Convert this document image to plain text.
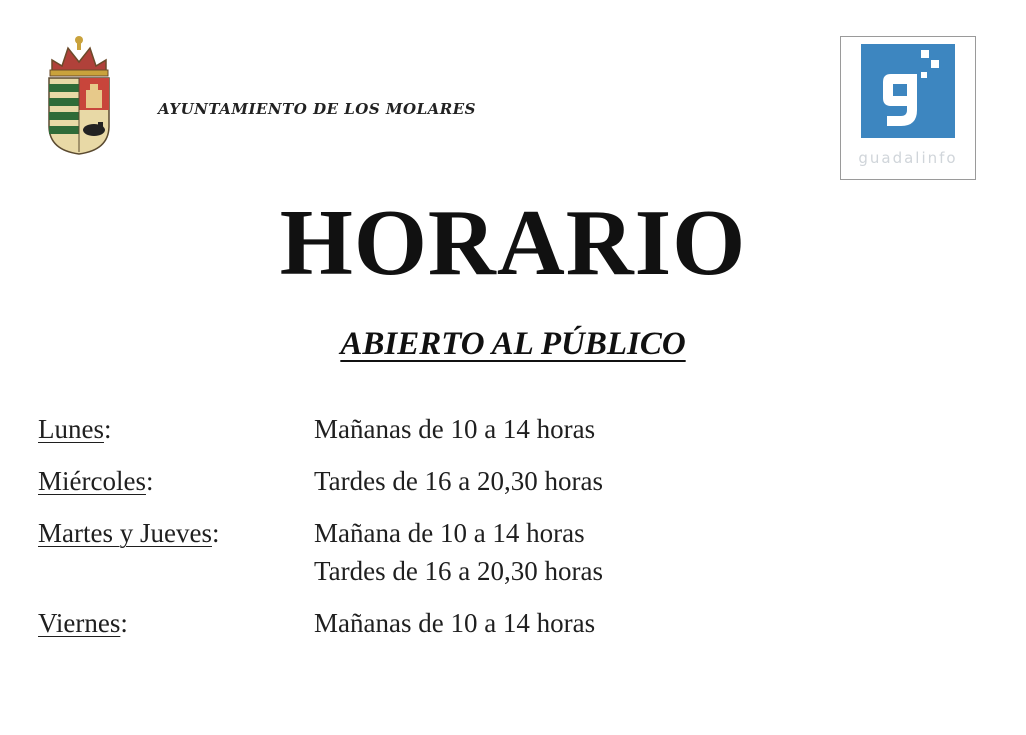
AYUNTAMIENTO DE LOS MOLARES
guadalinfo
HORARIO
ABIERTO AL PÚBLICO
Lunes:	Mañanas de 10 a 14 horas
Miércoles:	Tardes de 16 a 20,30 horas
Martes y Jueves:	Mañana de 10 a 14 horas
Tardes de 16 a 20,30 horas
Viernes:	Mañanas de 10 a 14 horas
